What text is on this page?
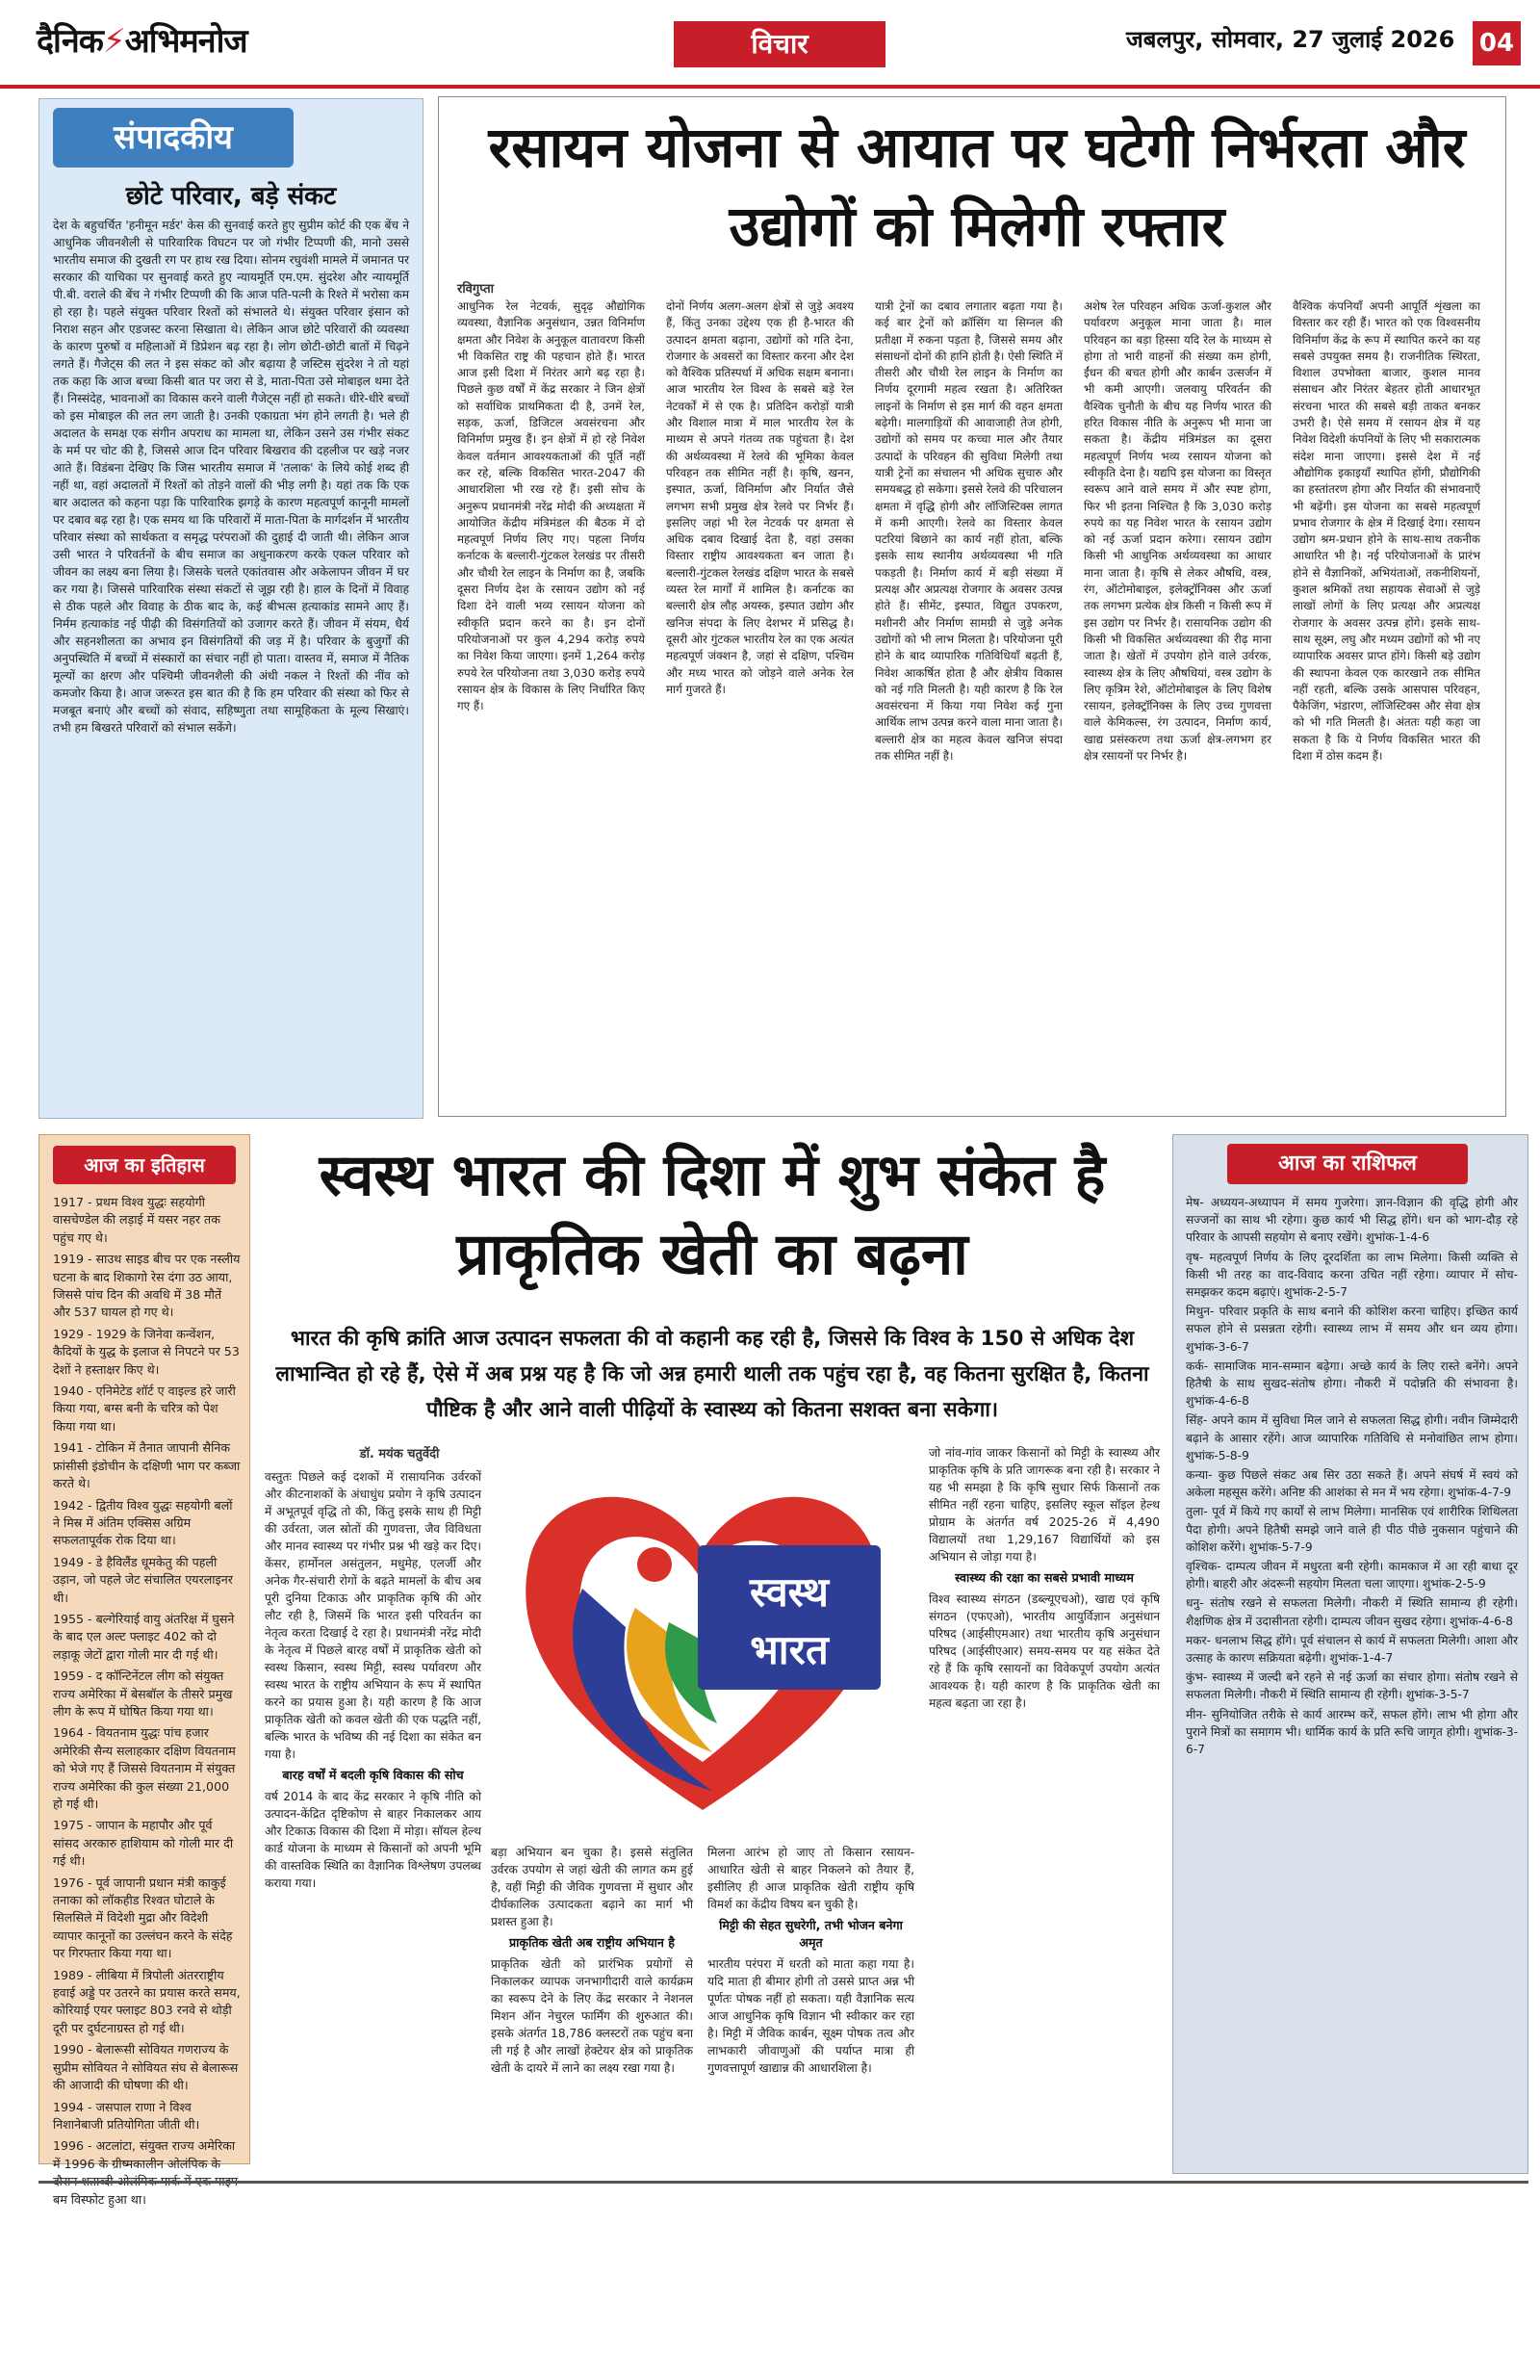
दैनिक⚡अभिमनोज	विचार	जबलपुर, सोमवार, 27 जुलाई 2026 04
संपादकीय
छोटे परिवार, बड़े संकट
देश के बहुचर्चित 'हनीमून मर्डर' केस की सुनवाई करते हुए सुप्रीम कोर्ट की एक बेंच ने आधुनिक जीवनशैली से पारिवारिक विघटन पर जो गंभीर टिप्पणी की, मानो उससे भारतीय समाज की दुखती रग पर हाथ रख दिया। सोनम रघुवंशी मामले में जमानत पर सरकार की याचिका पर सुनवाई करते हुए न्यायमूर्ति एम.एम. सुंदरेश और न्यायमूर्ति पी.बी. वराले की बेंच ने गंभीर टिप्पणी की कि आज पति-पत्नी के रिश्ते में भरोसा कम हो रहा है। पहले संयुक्त परिवार रिश्तों को संभालते थे। संयुक्त परिवार इंसान को निराश सहन और एडजस्ट करना सिखाता थे। लेकिन आज छोटे परिवारों की व्यवस्था के कारण पुरुषों व महिलाओं में डिप्रेशन बढ़ रहा है। लोग छोटी-छोटी बातों में चिढ़ने लगते हैं। गैजेट्स की लत ने इस संकट को और बढ़ाया है जस्टिस सुंदरेश ने तो यहां तक कहा कि आज बच्चा किसी बात पर जरा से डे, माता-पिता उसे मोबाइल थमा देते हैं। निस्संदेह, भावनाओं का विकास करने वाली गैजेट्स नहीं हो सकते। धीरे-धीरे बच्चों को इस मोबाइल की लत लग जाती है। उनकी एकाग्रता भंग होने लगती है। भले ही अदालत के समक्ष एक संगीन अपराध का मामला था, लेकिन उसने उस गंभीर संकट के मर्म पर चोट की है, जिससे आज दिन परिवार बिखराव की दहलीज पर खड़े नजर आते हैं। विडंबना देखिए कि जिस भारतीय समाज में 'तलाक' के लिये कोई शब्द ही नहीं था, वहां अदालतों में रिश्तों को तोड़ने वालों की भीड़ लगी है। यहां तक कि एक बार अदालत को कहना पड़ा कि पारिवारिक झगड़े के कारण महत्वपूर्ण कानूनी मामलों पर दबाव बढ़ रहा है। एक समय था कि परिवारों में माता-पिता के मार्गदर्शन में भारतीय परिवार संस्था को सार्थकता व समृद्ध परंपराओं की दुहाई दी जाती थी। लेकिन आज उसी भारत ने परिवर्तनों के बीच समाज का अधुनाकरण करके एकल परिवार को जीवन का लक्ष्य बना लिया है। जिसके चलते एकांतवास और अकेलापन जीवन में घर कर गया है। जिससे पारिवारिक संस्था संकटों से जूझ रही है। हाल के दिनों में विवाह से ठीक पहले और विवाह के ठीक बाद के, कई बीभत्स हत्याकांड सामने आए हैं। निर्मम हत्याकांड नई पीढ़ी की विसंगतियों को उजागर करते हैं। जीवन में संयम, धैर्य और सहनशीलता का अभाव इन विसंगतियों की जड़ में है। परिवार के बुजुर्गों की अनुपस्थिति में बच्चों में संस्कारों का संचार नहीं हो पाता। वास्तव में, समाज में नैतिक मूल्यों का क्षरण और पश्चिमी जीवनशैली की अंधी नकल ने रिश्तों की नींव को कमजोर किया है। आज जरूरत इस बात की है कि हम परिवार की संस्था को फिर से मजबूत बनाएं और बच्चों को संवाद, सहिष्णुता तथा सामूहिकता के मूल्य सिखाएं। तभी हम बिखरते परिवारों को संभाल सकेंगे।
रसायन योजना से आयात पर घटेगी निर्भरता और उद्योगों को मिलेगी रफ्तार
रविगुप्ता
आधुनिक रेल नेटवर्क, सुदृढ़ औद्योगिक व्यवस्था, वैज्ञानिक अनुसंधान, उन्नत विनिर्माण क्षमता और निवेश के अनुकूल वातावरण किसी भी विकसित राष्ट्र की पहचान होते हैं। भारत आज इसी दिशा में निरंतर आगे बढ़ रहा है। पिछले कुछ वर्षों में केंद्र सरकार ने जिन क्षेत्रों को सर्वाधिक प्राथमिकता दी है, उनमें रेल, सड़क, ऊर्जा, डिजिटल अवसंरचना और विनिर्माण प्रमुख हैं। इन क्षेत्रों में हो रहे निवेश केवल वर्तमान आवश्यकताओं की पूर्ति नहीं कर रहे, बल्कि विकसित भारत-2047 की आधारशिला भी रख रहे हैं। इसी सोच के अनुरूप प्रधानमंत्री नरेंद्र मोदी की अध्यक्षता में आयोजित केंद्रीय मंत्रिमंडल की बैठक में दो महत्वपूर्ण निर्णय लिए गए। पहला निर्णय कर्नाटक के बल्लारी-गुंटकल रेलखंड पर तीसरी और चौथी रेल लाइन के निर्माण का है, जबकि दूसरा निर्णय देश के रसायन उद्योग को नई दिशा देने वाली भव्य रसायन योजना को स्वीकृति प्रदान करने का है। इन दोनों परियोजनाओं पर कुल 4,294 करोड़ रुपये का निवेश किया जाएगा। इनमें 1,264 करोड़ रुपये रेल परियोजना तथा 3,030 करोड़ रुपये रसायन क्षेत्र के विकास के लिए निर्धारित किए गए हैं।
दोनों निर्णय अलग-अलग क्षेत्रों से जुड़े अवश्य हैं, किंतु उनका उद्देश्य एक ही है-भारत की उत्पादन क्षमता बढ़ाना, उद्योगों को गति देना, रोजगार के अवसरों का विस्तार करना और देश को वैश्विक प्रतिस्पर्धा में अधिक सक्षम बनाना। आज भारतीय रेल विश्व के सबसे बड़े रेल नेटवर्कों में से एक है। प्रतिदिन करोड़ों यात्री और विशाल मात्रा में माल भारतीय रेल के माध्यम से अपने गंतव्य तक पहुंचता है। देश की अर्थव्यवस्था में रेलवे की भूमिका केवल परिवहन तक सीमित नहीं है। कृषि, खनन, इस्पात, ऊर्जा, विनिर्माण और निर्यात जैसे लगभग सभी प्रमुख क्षेत्र रेलवे पर निर्भर हैं। इसलिए जहां भी रेल नेटवर्क पर क्षमता से अधिक दबाव दिखाई देता है, वहां उसका विस्तार राष्ट्रीय आवश्यकता बन जाता है। बल्लारी-गुंटकल रेलखंड दक्षिण भारत के सबसे व्यस्त रेल मार्गों में शामिल है। कर्नाटक का बल्लारी क्षेत्र लौह अयस्क, इस्पात उद्योग और खनिज संपदा के लिए देशभर में प्रसिद्ध है। दूसरी ओर गुंटकल भारतीय रेल का एक अत्यंत महत्वपूर्ण जंक्शन है, जहां से दक्षिण, पश्चिम और मध्य भारत को जोड़ने वाले अनेक रेल मार्ग गुजरते हैं।
यात्री ट्रेनों का दबाव लगातार बढ़ता गया है। कई बार ट्रेनों को क्रॉसिंग या सिग्नल की प्रतीक्षा में रुकना पड़ता है, जिससे समय और संसाधनों दोनों की हानि होती है। ऐसी स्थिति में तीसरी और चौथी रेल लाइन के निर्माण का निर्णय दूरगामी महत्व रखता है। अतिरिक्त लाइनों के निर्माण से इस मार्ग की वहन क्षमता बढ़ेगी। मालगाड़ियों की आवाजाही तेज होगी, उद्योगों को समय पर कच्चा माल और तैयार उत्पादों के परिवहन की सुविधा मिलेगी तथा यात्री ट्रेनों का संचालन भी अधिक सुचारु और समयबद्ध हो सकेगा। इससे रेलवे की परिचालन क्षमता में वृद्धि होगी और लॉजिस्टिक्स लागत में कमी आएगी। रेलवे का विस्तार केवल पटरियां बिछाने का कार्य नहीं होता, बल्कि इसके साथ स्थानीय अर्थव्यवस्था भी गति पकड़ती है। निर्माण कार्य में बड़ी संख्या में प्रत्यक्ष और अप्रत्यक्ष रोजगार के अवसर उत्पन्न होते हैं। सीमेंट, इस्पात, विद्युत उपकरण, मशीनरी और निर्माण सामग्री से जुड़े अनेक उद्योगों को भी लाभ मिलता है। परियोजना पूरी होने के बाद व्यापारिक गतिविधियाँ बढ़ती हैं, निवेश आकर्षित होता है और क्षेत्रीय विकास को नई गति मिलती है। यही कारण है कि रेल अवसंरचना में किया गया निवेश कई गुना आर्थिक लाभ उत्पन्न करने वाला माना जाता है। बल्लारी क्षेत्र का महत्व केवल खनिज संपदा तक सीमित नहीं है।
अशेष रेल परिवहन अधिक ऊर्जा-कुशल और पर्यावरण अनुकूल माना जाता है। माल परिवहन का बड़ा हिस्सा यदि रेल के माध्यम से होगा तो भारी वाहनों की संख्या कम होगी, ईंधन की बचत होगी और कार्बन उत्सर्जन में भी कमी आएगी। जलवायु परिवर्तन की वैश्विक चुनौती के बीच यह निर्णय भारत की हरित विकास नीति के अनुरूप भी माना जा सकता है। केंद्रीय मंत्रिमंडल का दूसरा महत्वपूर्ण निर्णय भव्य रसायन योजना को स्वीकृति देना है। यद्यपि इस योजना का विस्तृत स्वरूप आने वाले समय में और स्पष्ट होगा, फिर भी इतना निश्चित है कि 3,030 करोड़ रुपये का यह निवेश भारत के रसायन उद्योग को नई ऊर्जा प्रदान करेगा। रसायन उद्योग किसी भी आधुनिक अर्थव्यवस्था का आधार माना जाता है। कृषि से लेकर औषधि, वस्त्र, रंग, ऑटोमोबाइल, इलेक्ट्रॉनिक्स और ऊर्जा तक लगभग प्रत्येक क्षेत्र किसी न किसी रूप में इस उद्योग पर निर्भर है। रासायनिक उद्योग की किसी भी विकसित अर्थव्यवस्था की रीढ़ माना जाता है। खेतों में उपयोग होने वाले उर्वरक, स्वास्थ्य क्षेत्र के लिए औषधियां, वस्त्र उद्योग के लिए कृत्रिम रेशे, ऑटोमोबाइल के लिए विशेष रसायन, इलेक्ट्रॉनिक्स के लिए उच्च गुणवत्ता वाले केमिकल्स, रंग उत्पादन, निर्माण कार्य, खाद्य प्रसंस्करण तथा ऊर्जा क्षेत्र-लगभग हर क्षेत्र रसायनों पर निर्भर है।
वैश्विक कंपनियाँ अपनी आपूर्ति शृंखला का विस्तार कर रही हैं। भारत को एक विश्वसनीय विनिर्माण केंद्र के रूप में स्थापित करने का यह सबसे उपयुक्त समय है। राजनीतिक स्थिरता, विशाल उपभोक्ता बाजार, कुशल मानव संसाधन और निरंतर बेहतर होती आधारभूत संरचना भारत की सबसे बड़ी ताकत बनकर उभरी है। ऐसे समय में रसायन क्षेत्र में यह निवेश विदेशी कंपनियों के लिए भी सकारात्मक संदेश माना जाएगा। इससे देश में नई औद्योगिक इकाइयाँ स्थापित होंगी, प्रौद्योगिकी का हस्तांतरण होगा और निर्यात की संभावनाएँ भी बढ़ेंगी। इस योजना का सबसे महत्वपूर्ण प्रभाव रोजगार के क्षेत्र में दिखाई देगा। रसायन उद्योग श्रम-प्रधान होने के साथ-साथ तकनीक आधारित भी है। नई परियोजनाओं के प्रारंभ होने से वैज्ञानिकों, अभियंताओं, तकनीशियनों, कुशल श्रमिकों तथा सहायक सेवाओं से जुड़े लाखों लोगों के लिए प्रत्यक्ष और अप्रत्यक्ष रोजगार के अवसर उत्पन्न होंगे। इसके साथ-साथ सूक्ष्म, लघु और मध्यम उद्योगों को भी नए व्यापारिक अवसर प्राप्त होंगे। किसी बड़े उद्योग की स्थापना केवल एक कारखाने तक सीमित नहीं रहती, बल्कि उसके आसपास परिवहन, पैकेजिंग, भंडारण, लॉजिस्टिक्स और सेवा क्षेत्र को भी गति मिलती है। अंततः यही कहा जा सकता है कि ये निर्णय विकसित भारत की दिशा में ठोस कदम हैं।
आज का इतिहास
1917 - प्रथम विश्व युद्धः सहयोगी वासचेण्डेल की लड़ाई में यसर नहर तक पहुंच गए थे।
1919 - साउथ साइड बीच पर एक नस्लीय घटना के बाद शिकागो रेस दंगा उठ आया, जिससे पांच दिन की अवधि में 38 मौतें और 537 घायल हो गए थे।
1929 - 1929 के जिनेवा कन्वेंशन, कैदियों के युद्ध के इलाज से निपटने पर 53 देशों ने हस्ताक्षर किए थे।
1940 - एनिमेटेड शॉर्ट ए वाइल्ड हरे जारी किया गया, बग्स बनी के चरित्र को पेश किया गया था।
1941 - टोकिन में तैनात जापानी सैनिक फ्रांसीसी इंडोचीन के दक्षिणी भाग पर कब्जा करते थे।
1942 - द्वितीय विश्व युद्धः सहयोगी बलों ने मिस्र में अंतिम एक्सिस अग्रिम सफलतापूर्वक रोक दिया था।
1949 - डे हैविलैंड धूमकेतु की पहली उड़ान, जो पहले जेट संचालित एयरलाइनर थी।
1955 - बल्गेरियाई वायु अंतरिक्ष में घुसने के बाद एल अल्ट फ्लाइट 402 को दो लड़ाकू जेटों द्वारा गोली मार दी गई थी।
1959 - द कॉन्टिनेंटल लीग को संयुक्त राज्य अमेरिका में बेसबॉल के तीसरे प्रमुख लीग के रूप में घोषित किया गया था।
1964 - वियतनाम युद्धः पांच हजार अमेरिकी सैन्य सलाहकार दक्षिण वियतनाम को भेजे गए हैं जिससे वियतनाम में संयुक्त राज्य अमेरिका की कुल संख्या 21,000 हो गई थी।
1975 - जापान के महापौर और पूर्व सांसद अरकारु हाशियाम को गोली मार दी गई थी।
1976 - पूर्व जापानी प्रधान मंत्री काकुई तनाका को लॉकहीड रिश्वत घोटाले के सिलसिले में विदेशी मुद्रा और विदेशी व्यापार कानूनों का उल्लंघन करने के संदेह पर गिरफ्तार किया गया था।
1989 - लीबिया में त्रिपोली अंतरराष्ट्रीय हवाई अड्डे पर उतरने का प्रयास करते समय, कोरियाई एयर फ्लाइट 803 रनवे से थोड़ी दूरी पर दुर्घटनाग्रस्त हो गई थी।
1990 - बेलारूसी सोवियत गणराज्य के सुप्रीम सोवियत ने सोवियत संघ से बेलारूस की आजादी की घोषणा की थी।
1994 - जसपाल राणा ने विश्व निशानेबाजी प्रतियोगिता जीती थी।
1996 - अटलांटा, संयुक्त राज्य अमेरिका में 1996 के ग्रीष्मकालीन ओलंपिक के बम विस्फोट हुआ था।
स्वस्थ भारत की दिशा में शुभ संकेत है प्राकृतिक खेती का बढ़ना
भारत की कृषि क्रांति आज उत्पादन सफलता की वो कहानी कह रही है, जिससे कि विश्व के 150 से अधिक देश लाभान्वित हो रहे हैं, ऐसे में अब प्रश्न यह है कि जो अन्न हमारी थाली तक पहुंच रहा है, वह कितना सुरक्षित है, कितना पौष्टिक है और आने वाली पीढ़ियों के स्वास्थ्य को कितना सशक्त बना सकेगा।
डॉ. मयंक चतुर्वेदी
वस्तुतः पिछले कई दशकों में रासायनिक उर्वरकों और कीटनाशकों के अंधाधुंध प्रयोग ने कृषि उत्पादन में अभूतपूर्व वृद्धि तो की, किंतु इसके साथ ही मिट्टी की उर्वरता, जल स्रोतों की गुणवत्ता, जैव विविधता और मानव स्वास्थ्य पर गंभीर प्रश्न भी खड़े कर दिए। केंसर, हार्मोनल असंतुलन, मधुमेह, एलर्जी और अनेक गैर-संचारी रोगों के बढ़ते मामलों के बीच अब पूरी दुनिया टिकाऊ और प्राकृतिक कृषि की ओर लौट रही है, जिसमें कि भारत इसी परिवर्तन का नेतृत्व करता दिखाई दे रहा है। प्रधानमंत्री नरेंद्र मोदी के नेतृत्व में पिछले बारह वर्षों में प्राकृतिक खेती को स्वस्थ किसान, स्वस्थ मिट्टी, स्वस्थ पर्यावरण और स्वस्थ भारत के राष्ट्रीय अभियान के रूप में स्थापित करने का प्रयास हुआ है। यही कारण है कि आज प्राकृतिक खेती को कवल खेती की एक पद्धति नहीं, बल्कि भारत के भविष्य की नई दिशा का संकेत बन गया है।
बारह वर्षों में बदली कृषि विकास की सोच
वर्ष 2014 के बाद केंद्र सरकार ने कृषि नीति को उत्पादन-केंद्रित दृष्टिकोण से बाहर निकालकर आय और टिकाऊ विकास की दिशा में मोड़ा। सॉयल हेल्थ कार्ड योजना के माध्यम से किसानों को अपनी भूमि की वास्तविक स्थिति का वैज्ञानिक विश्लेषण उपलब्ध कराया गया।
स्वस्थ
भारत
बड़ा अभियान बन चुका है। इससे संतुलित उर्वरक उपयोग से जहां खेती की लागत कम हुई है, वहीं मिट्टी की जैविक गुणवत्ता में सुधार और दीर्घकालिक उत्पादकता बढ़ाने का मार्ग भी प्रशस्त हुआ है।
प्राकृतिक खेती अब राष्ट्रीय अभियान है
प्राकृतिक खेती को प्रारंभिक प्रयोगों से निकालकर व्यापक जनभागीदारी वाले कार्यक्रम का स्वरूप देने के लिए केंद्र सरकार ने नेशनल मिशन ऑन नेचुरल फार्मिंग की शुरुआत की। इसके अंतर्गत 18,786 क्लस्टरों तक पहुंच बना ली गई है और लाखों हेक्टेयर क्षेत्र को प्राकृतिक खेती के दायरे में लाने का लक्ष्य रखा गया है।
मिलना आरंभ हो जाए तो किसान रसायन-आधारित खेती से बाहर निकलने को तैयार हैं, इसीलिए ही आज प्राकृतिक खेती राष्ट्रीय कृषि विमर्श का केंद्रीय विषय बन चुकी है।
मिट्टी की सेहत सुधरेगी, तभी भोजन बनेगा अमृत
भारतीय परंपरा में धरती को माता कहा गया है। यदि माता ही बीमार होगी तो उससे प्राप्त अन्न भी पूर्णतः पोषक नहीं हो सकता। यही वैज्ञानिक सत्य आज आधुनिक कृषि विज्ञान भी स्वीकार कर रहा है। मिट्टी में जैविक कार्बन, सूक्ष्म पोषक तत्व और लाभकारी जीवाणुओं की पर्याप्त मात्रा ही गुणवत्तापूर्ण खाद्यान्न की आधारशिला है।
जो नांव-गांव जाकर किसानों को मिट्टी के स्वास्थ्य और प्राकृतिक कृषि के प्रति जागरूक बना रही है। सरकार ने यह भी समझा है कि कृषि सुधार सिर्फ किसानों तक सीमित नहीं रहना चाहिए, इसलिए स्कूल सॉइल हेल्थ प्रोग्राम के अंतर्गत वर्ष 2025-26 में 4,490 विद्यालयों तथा 1,29,167 विद्यार्थियों को इस अभियान से जोड़ा गया है।
स्वास्थ्य की रक्षा का सबसे प्रभावी माध्यम
विश्व स्वास्थ्य संगठन (डब्ल्यूएचओ), खाद्य एवं कृषि संगठन (एफएओ), भारतीय आयुर्विज्ञान अनुसंधान परिषद (आईसीएमआर) तथा भारतीय कृषि अनुसंधान परिषद (आईसीएआर) समय-समय पर यह संकेत देते रहे हैं कि कृषि रसायनों का विवेकपूर्ण उपयोग अत्यंत आवश्यक है। यही कारण है कि प्राकृतिक खेती का महत्व बढ़ता जा रहा है।
आज का राशिफल

मेष- अध्ययन-अध्यापन में समय गुजरेगा। ज्ञान-विज्ञान की वृद्धि होगी और सज्जनों का साथ भी रहेगा। कुछ कार्य भी सिद्ध होंगे। धन को भाग-दौड़ रहे परिवार के आपसी सहयोग से बनाए रखेंगे। शुभांक-1-4-6

वृष- महत्वपूर्ण निर्णय के लिए दूरदर्शिता का लाभ मिलेगा। किसी व्यक्ति से किसी भी तरह का वाद-विवाद करना उचित नहीं रहेगा। व्यापार में सोच-समझकर कदम बढ़ाएं। शुभांक-2-5-7

मिथुन- परिवार प्रकृति के साथ बनाने की कोशिश करना चाहिए। इच्छित कार्य सफल होने से प्रसन्नता रहेगी। स्वास्थ्य लाभ में समय और धन व्यय होगा। शुभांक-3-6-7

कर्क- सामाजिक मान-सम्मान बढ़ेगा। अच्छे कार्य के लिए रास्ते बनेंगे। अपने हितैषी के साथ सुखद-संतोष होगा। नौकरी में पदोन्नति की संभावना है। शुभांक-4-6-8

सिंह- अपने काम में सुविधा मिल जाने से सफलता सिद्ध होगी। नवीन जिम्मेदारी बढ़ाने के आसार रहेंगे। आज व्यापारिक गतिविधि से मनोवांछित लाभ होगा। शुभांक-5-8-9

कन्या- कुछ पिछले संकट अब सिर उठा सकते हैं। अपने संघर्ष में स्वयं को अकेला महसूस करेंगे। अनिष्ट की आशंका से मन में भय रहेगा। शुभांक-4-7-9

तुला- पूर्व में किये गए कार्यों से लाभ मिलेगा। मानसिक एवं शारीरिक शिथिलता पैदा होगी। अपने हितैषी समझे जाने वाले ही पीठ पीछे नुकसान पहुंचाने की कोशिश करेंगे। शुभांक-5-7-9

वृश्चिक- दाम्पत्य जीवन में मधुरता बनी रहेगी। कामकाज में आ रही बाधा दूर होगी। बाहरी और अंदरूनी सहयोग मिलता चला जाएगा। शुभांक-2-5-9

धनु- संतोष रखने से सफलता मिलेगी। नौकरी में स्थिति सामान्य ही रहेगी। शैक्षणिक क्षेत्र में उदासीनता रहेगी। दाम्पत्य जीवन सुखद रहेगा। शुभांक-4-6-8

मकर- धनलाभ सिद्ध होंगे। पूर्व संचालन से कार्य में सफलता मिलेगी। आशा और उत्साह के कारण सक्रियता बढ़ेगी। शुभांक-1-4-7

कुंभ- स्वास्थ्य में जल्दी बने रहने से नई ऊर्जा का संचार होगा। संतोष रखने से सफलता मिलेगी। नौकरी में स्थिति सामान्य ही रहेगी। शुभांक-3-5-7

मीन- सुनियोजित तरीके से कार्य आरम्भ करें, सफल होंगे। लाभ भी होगा और पुराने मित्रों का समागम भी। धार्मिक कार्य के प्रति रूचि जागृत होगी। शुभांक-3-6-7
